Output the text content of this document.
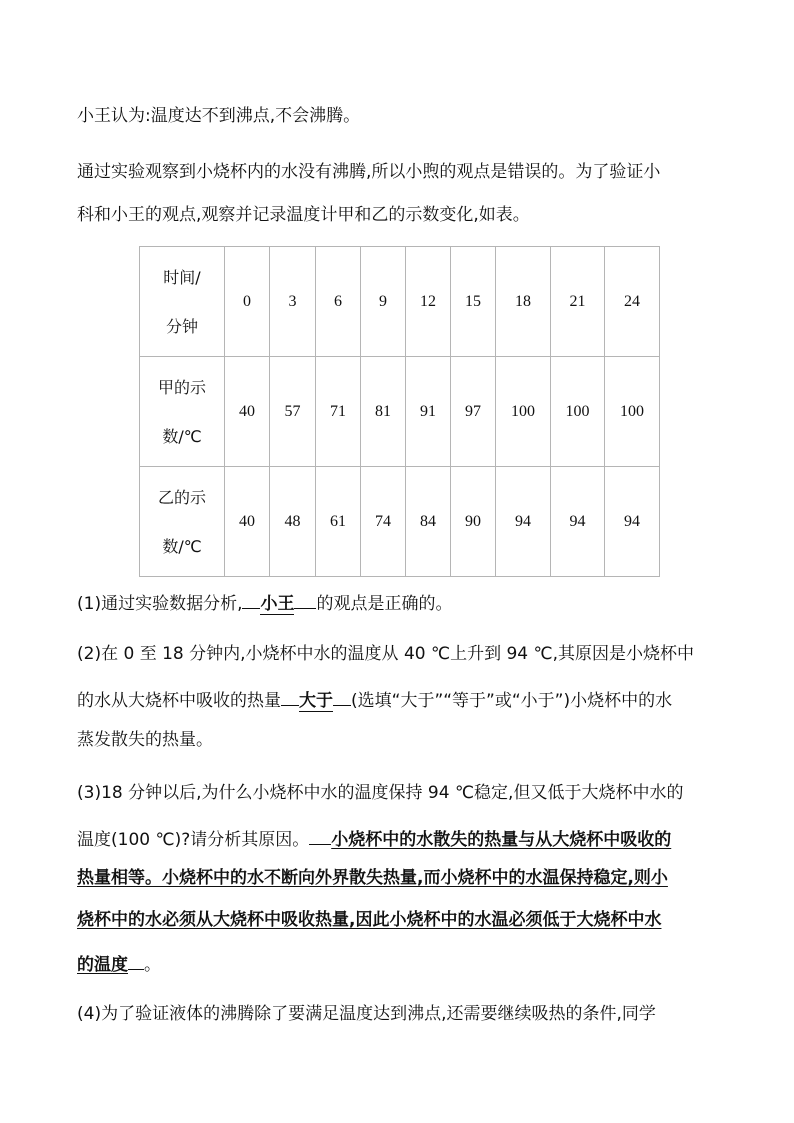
小王认为:温度达不到沸点,不会沸腾。
通过实验观察到小烧杯内的水没有沸腾,所以小煦的观点是错误的。为了验证小
科和小王的观点,观察并记录温度计甲和乙的示数变化,如表。
时间/
分钟	0	3	6	9	12	15	18	21	24

甲的示
数/℃	40	57	71	81	91	97	100	100	100

乙的示
数/℃	40	48	61	74	84	90	94	94	94
(1)通过实验数据分析, 小王 的观点是正确的。
(2)在 0 至 18 分钟内,小烧杯中水的温度从 40 ℃上升到 94 ℃,其原因是小烧杯中
的水从大烧杯中吸收的热量 大于 (选填“大于”“等于”或“小于”)小烧杯中的水
蒸发散失的热量。
(3)18 分钟以后,为什么小烧杯中水的温度保持 94 ℃稳定,但又低于大烧杯中水的
温度(100 ℃)?请分析其原因。 小烧杯中的水散失的热量与从大烧杯中吸收的
热量相等。小烧杯中的水不断向外界散失热量,而小烧杯中的水温保持稳定,则小
烧杯中的水必须从大烧杯中吸收热量,因此小烧杯中的水温必须低于大烧杯中水
的温度 。
(4)为了验证液体的沸腾除了要满足温度达到沸点,还需要继续吸热的条件,同学
